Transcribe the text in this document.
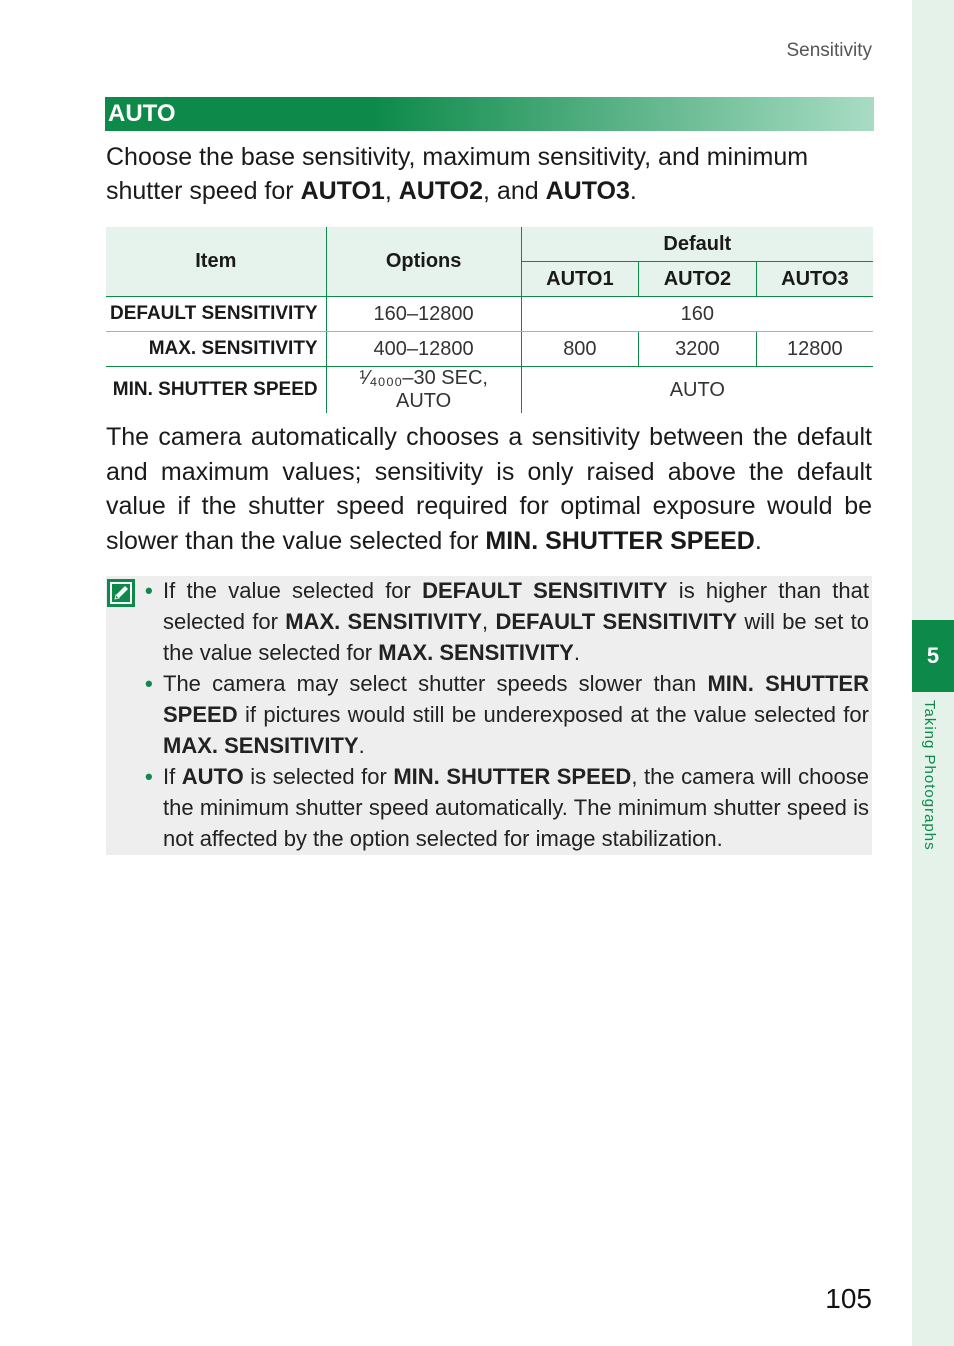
5
Taking Photographs
Sensitivity
AUTO

Choose the base sensitivity, maximum sensitivity, and minimum shutter speed for AUTO1, AUTO2, and AUTO3.

Item	Options	Default		
		AUTO1	AUTO2	AUTO3
DEFAULT SENSITIVITY	160–12800	160		
MAX. SENSITIVITY	400–12800	800	3200	12800
MIN. SHUTTER SPEED	¹⁄₄₀₀₀–30 SEC, AUTO	AUTO		

The camera automatically chooses a sensitivity between the default and maximum values; sensitivity is only raised above the default value if the shutter speed required for optimal exposure would be slower than the value selected for MIN. SHUTTER SPEED.

• If the value selected for DEFAULT SENSITIVITY is higher than that selected for MAX. SENSITIVITY, DEFAULT SENSITIVITY will be set to the value selected for MAX. SENSITIVITY.
• The camera may select shutter speeds slower than MIN. SHUTTER SPEED if pictures would still be underexposed at the value selected for MAX. SENSITIVITY.
• If AUTO is selected for MIN. SHUTTER SPEED, the camera will choose the minimum shutter speed automatically. The minimum shutter speed is not affected by the option selected for image stabilization.
105
